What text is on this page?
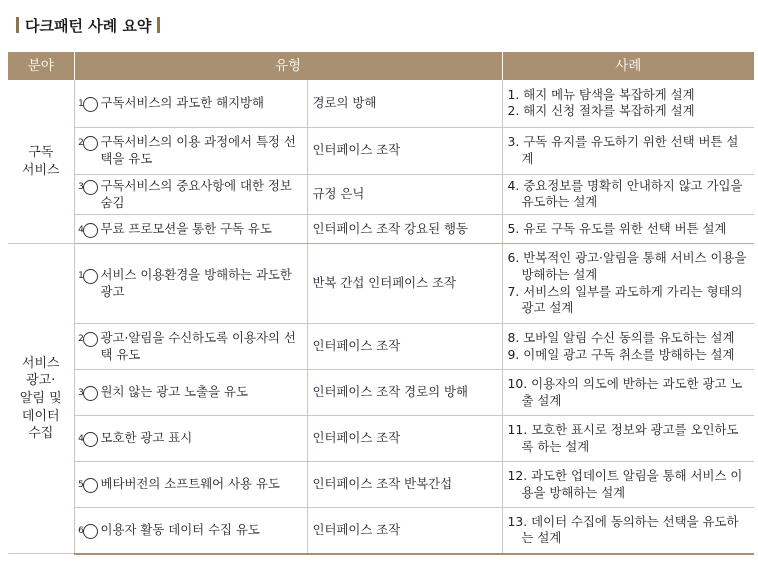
다크패턴 사례 요약
분야	유형		사례
구독
서비스	1 구독서비스의 과도한 해지방해	경로의 방해	1. 해지 메뉴 탐색을 복잡하게 설계
2. 해지 신청 절차를 복잡하게 설계

	2 구독서비스의 이용 과정에서 특정 선택을 유도	인터페이스 조작	3. 구독 유지를 유도하기 위한 선택 버튼 설계

	3 구독서비스의 중요사항에 대한 정보 숨김	규정 은닉	4. 중요정보를 명확히 안내하지 않고 가입을 유도하는 설계

	4 무료 프로모션을 통한 구독 유도	인터페이스 조작 강요된 행동	5. 유로 구독 유도를 위한 선택 버튼 설계

서비스
광고·
알림 및
데이터
수집	1 서비스 이용환경을 방해하는 과도한 광고	반복 간섭 인터페이스 조작	6. 반복적인 광고·알림을 통해 서비스 이용을 방해하는 설계
7. 서비스의 일부를 과도하게 가리는 형태의 광고 설계

	2 광고·알림을 수신하도록 이용자의 선택 유도	인터페이스 조작	8. 모바일 알림 수신 동의를 유도하는 설계
9. 이메일 광고 구독 취소를 방해하는 설계

	3 원치 않는 광고 노출을 유도	인터페이스 조작 경로의 방해	10. 이용자의 의도에 반하는 과도한 광고 노출 설계

	4 모호한 광고 표시	인터페이스 조작	11. 모호한 표시로 정보와 광고를 오인하도록 하는 설계

	5 베타버전의 소프트웨어 사용 유도	인터페이스 조작 반복간섭	12. 과도한 업데이트 알림을 통해 서비스 이용을 방해하는 설계

	6 이용자 활동 데이터 수집 유도	인터페이스 조작	13. 데이터 수집에 동의하는 선택을 유도하는 설계
